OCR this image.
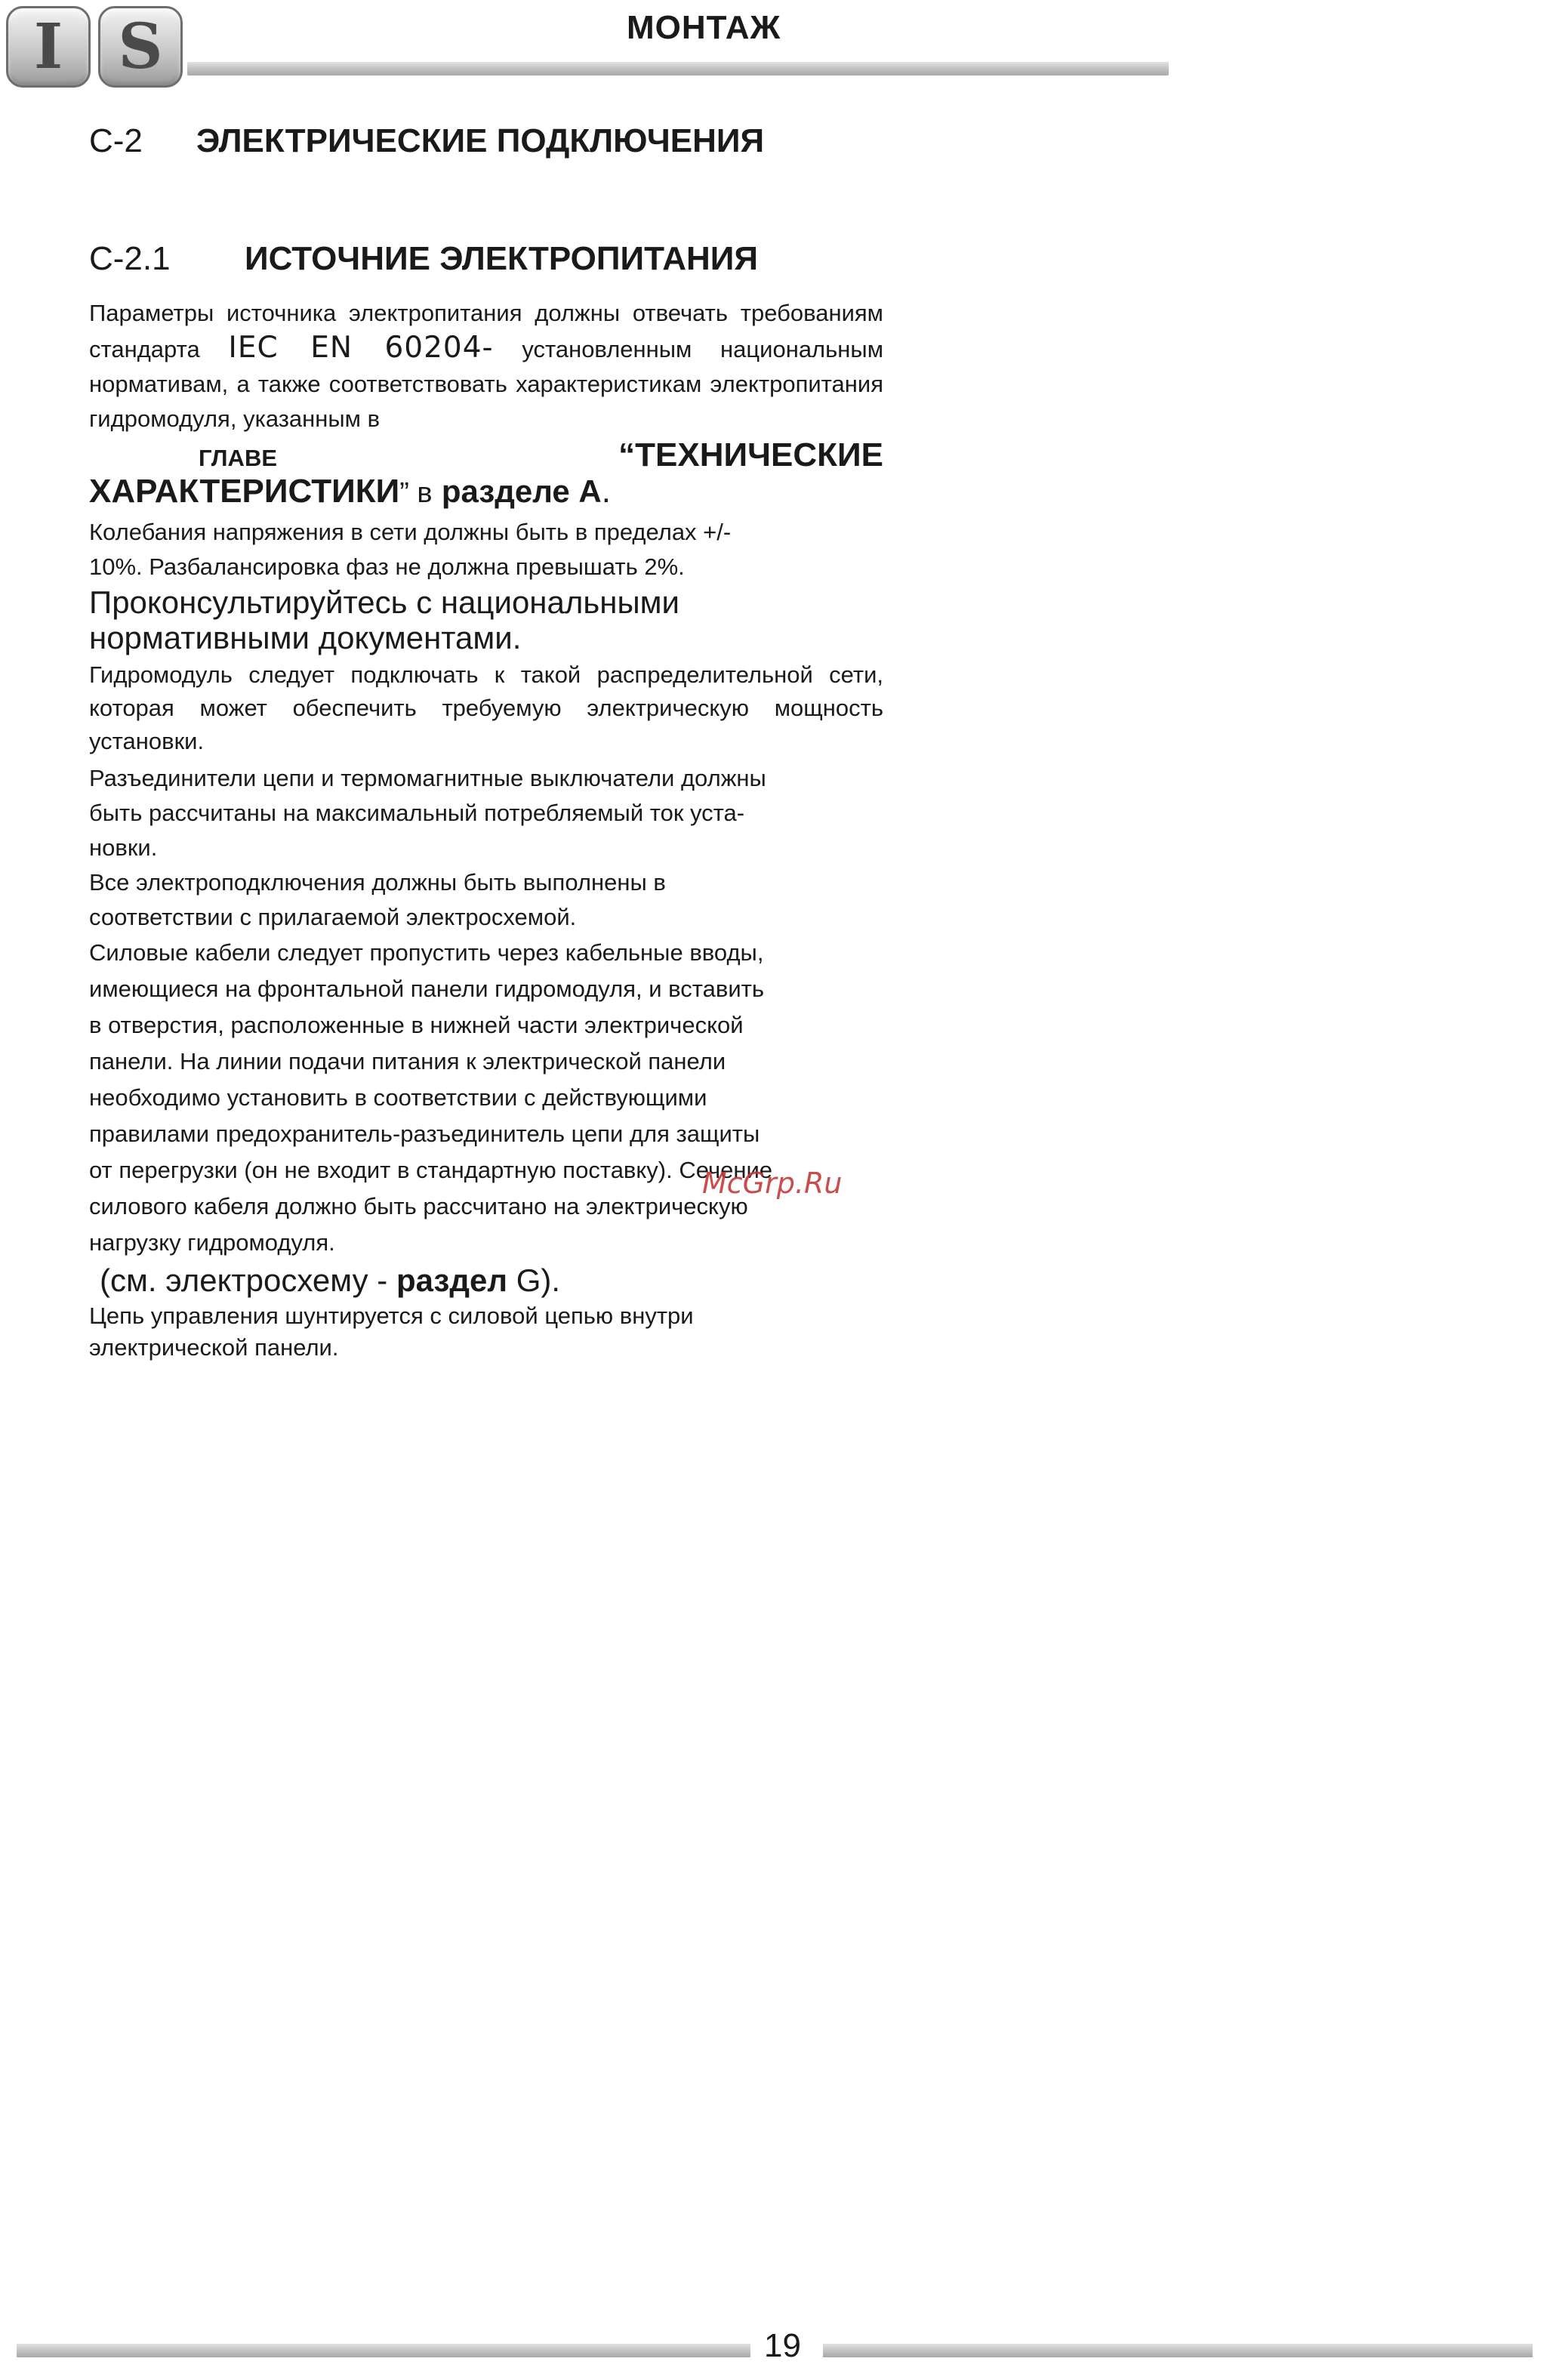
I S	МОНТАЖ
C-2	ЭЛЕКТРИЧЕСКИЕ ПОДКЛЮЧЕНИЯ
C-2.1	ИСТОЧНИЕ ЭЛЕКТРОПИТАНИЯ

Параметры источника электропитания должны отвечать требованиям стандарта IEC EN 60204- установленным национальным нормативам, а также соответствовать характеристикам электропитания гидромодуля, указанным в

ГЛАВЕ	“ТЕХНИЧЕСКИЕ

ХАРАКТЕРИСТИКИ” в разделе А.

Колебания напряжения в сети должны быть в пределах +/-
10%. Разбалансировка фаз не должна превышать 2%.

Проконсультируйтесь с национальными
нормативными документами.

Гидромодуль следует подключать к такой распределительной сети, которая может обеспечить требуемую электрическую мощность установки.

Разъединители цепи и термомагнитные выключатели должны
быть рассчитаны на максимальный потребляемый ток уста-
новки.

Все электроподключения должны быть выполнены в
соответствии с прилагаемой электросхемой.

Силовые кабели следует пропустить через кабельные вводы,
имеющиеся на фронтальной панели гидромодуля, и вставить
в отверстия, расположенные в нижней части электрической
панели. На линии подачи питания к электрической панели
необходимо установить в соответствии с действующими
правилами предохранитель-разъединитель цепи для защиты
от перегрузки (он не входит в стандартную поставку). Сечение
силового кабеля должно быть рассчитано на электрическую
нагрузку гидромодуля.

(см. электросхему - раздел G).

Цепь управления шунтируется с силовой цепью внутри
электрической панели.

McGrp.Ru
19
